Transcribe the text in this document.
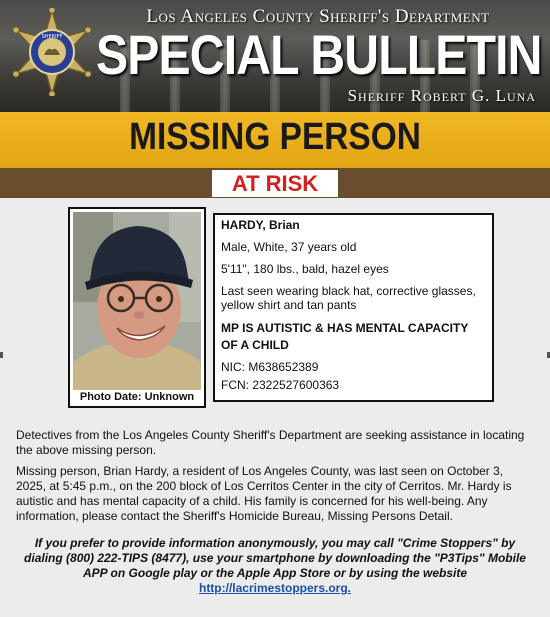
SHERIFF
Los Angeles County Sheriff's Department
SPECIAL BULLETIN
Sheriff Robert G. Luna
MISSING PERSON
AT RISK
Photo Date: Unknown
HARDY, Brian
Male, White, 37 years old
5'11", 180 lbs., bald, hazel eyes
Last seen wearing black hat, corrective glasses, yellow shirt and tan pants
MP IS AUTISTIC & HAS MENTAL CAPACITY OF A CHILD
NIC: M638652389
FCN: 2322527600363

Detectives from the Los Angeles County Sheriff's Department are seeking assistance in locating the above missing person.

Missing person, Brian Hardy, a resident of Los Angeles County, was last seen on October 3, 2025, at 5:45 p.m., on the 200 block of Los Cerritos Center in the city of Cerritos. Mr. Hardy is autistic and has mental capacity of a child. His family is concerned for his well-being. Any information, please contact the Sheriff's Homicide Bureau, Missing Persons Detail.

If you prefer to provide information anonymously, you may call "Crime Stoppers" by dialing (800) 222-TIPS (8477), use your smartphone by downloading the "P3Tips" Mobile APP on Google play or the Apple App Store or by using the website
http://lacrimestoppers.org.
